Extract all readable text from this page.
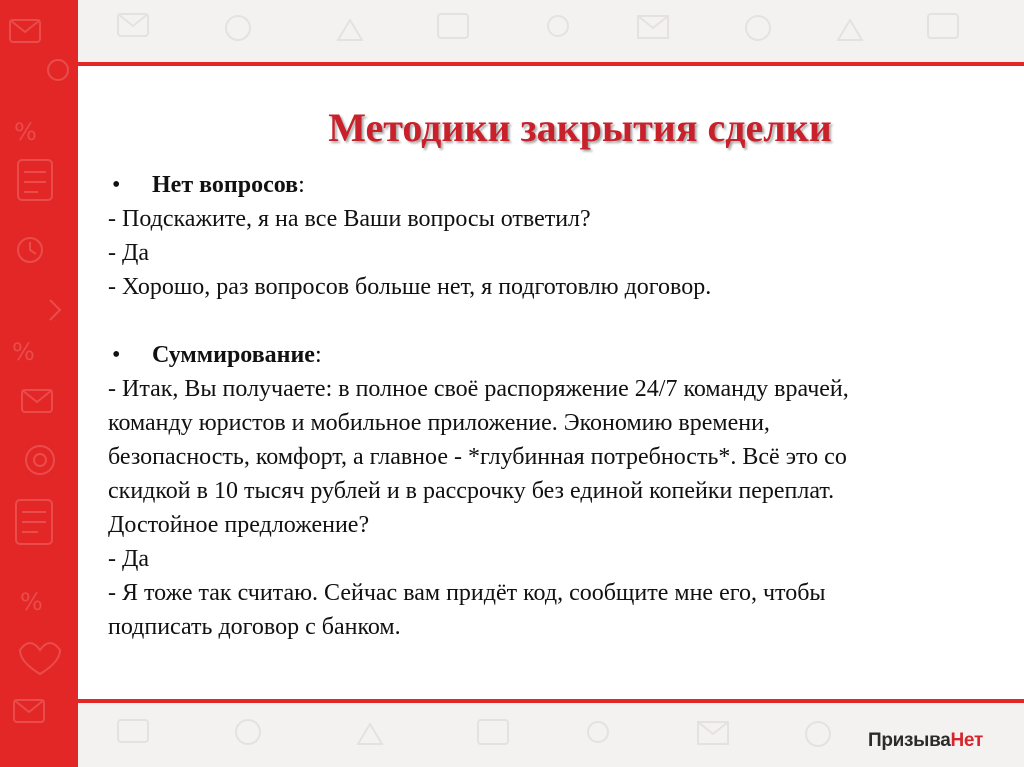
%
%
%
Методики закрытия сделки
• Нет вопросов:
- Подскажите, я на все Ваши вопросы ответил?
- Да
- Хорошо, раз вопросов больше нет, я подготовлю договор.
• Суммирование:
- Итак, Вы получаете: в полное своё распоряжение 24/7 команду врачей,
команду юристов и мобильное приложение. Экономию времени,
безопасность, комфорт, а главное - *глубинная потребность*. Всё это со
скидкой в 10 тысяч рублей и в рассрочку без единой копейки переплат.
Достойное предложение?
- Да
- Я тоже так считаю. Сейчас вам придёт код, сообщите мне его, чтобы
подписать договор с банком.
ПризываНет
